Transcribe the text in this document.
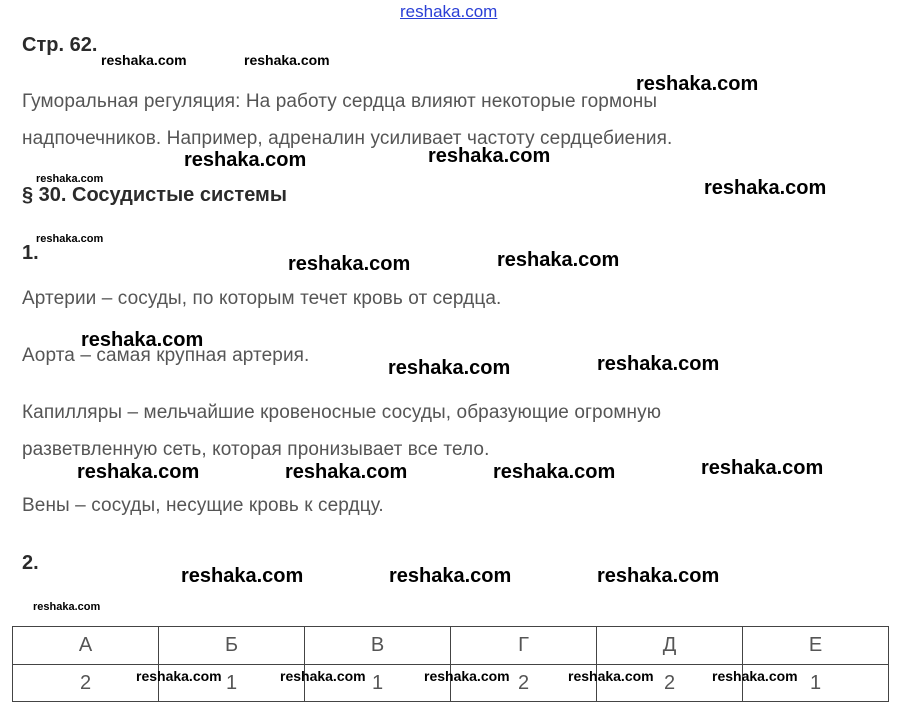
reshaka.com
Стр. 62.
Гуморальная регуляция: На работу сердца влияют некоторые гормоны
надпочечников. Например, адреналин усиливает частоту сердцебиения.
§ 30. Сосудистые системы
1.
Артерии – сосуды, по которым течет кровь от сердца.
Аорта – самая крупная артерия.
Капилляры – мельчайшие кровеносные сосуды, образующие огромную
разветвленную сеть, которая пронизывает все тело.
Вены – сосуды, несущие кровь к сердцу.
2.
А	Б	В	Г	Д	Е
2	1	1	2	2	1
reshaka.com	reshaka.com
reshaka.com
reshaka.com
reshaka.com
reshaka.com	reshaka.com
reshaka.com
reshaka.com
reshaka.com
reshaka.com
reshaka.com
reshaka.com
reshaka.com
reshaka.com	reshaka.com	reshaka.com
reshaka.com	reshaka.com	reshaka.com
reshaka.com
reshaka.com	reshaka.com	reshaka.com	reshaka.com	reshaka.com
